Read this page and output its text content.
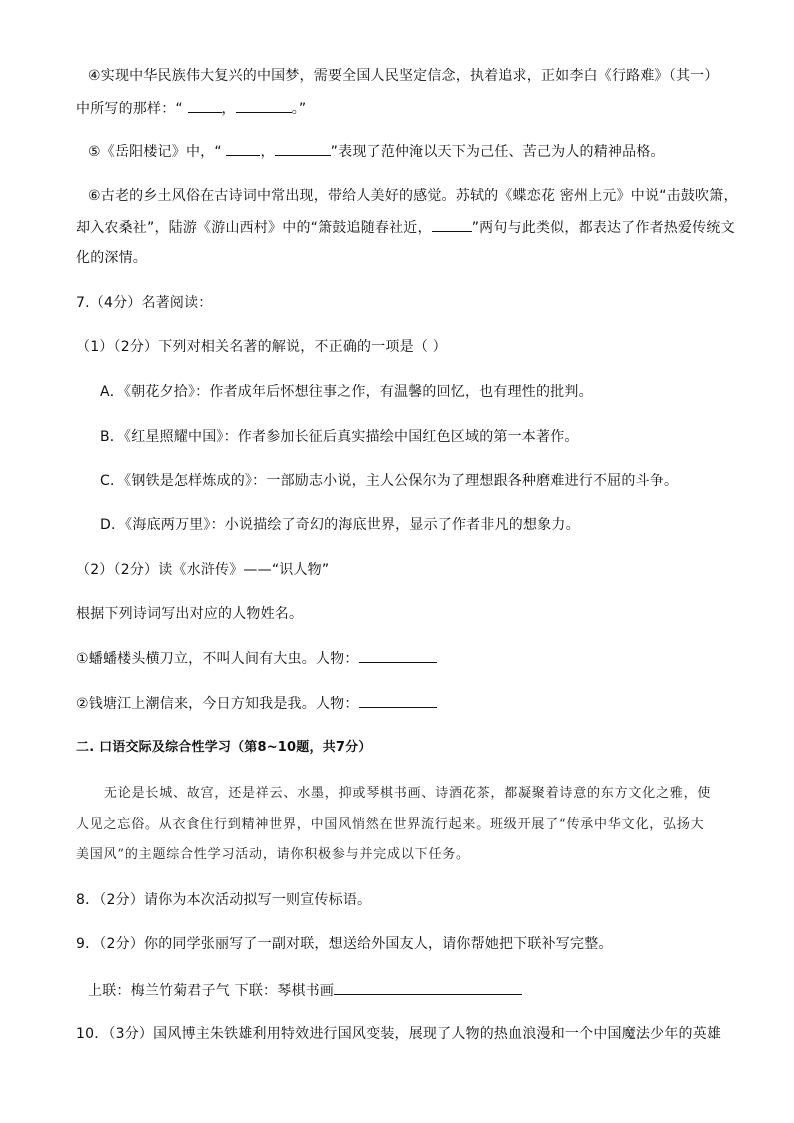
④实现中华民族伟大复兴的中国梦，需要全国人民坚定信念，执着追求，正如李白《行路难》（其一）
中所写的那样：“ ，	。”
⑤《岳阳楼记》中，“ ，	”表现了范仲淹以天下为己任、苦己为人的精神品格。
⑥古老的乡土风俗在古诗词中常出现，带给人美好的感觉。苏轼的《蝶恋花 密州上元》中说“击鼓吹箫，
却入农桑社”，陆游《游山西村》中的“箫鼓追随春社近，	”两句与此类似，都表达了作者热爱传统文
化的深情。
7.（4分）名著阅读：
（1）（2分）下列对相关名著的解说，不正确的一项是（ ）
A．《朝花夕拾》：作者成年后怀想往事之作，有温馨的回忆，也有理性的批判。
B．《红星照耀中国》：作者参加长征后真实描绘中国红色区域的第一本著作。
C．《钢铁是怎样炼成的》：一部励志小说，主人公保尔为了理想跟各种磨难进行不屈的斗争。
D．《海底两万里》：小说描绘了奇幻的海底世界，显示了作者非凡的想象力。
（2）（2分）读《水浒传》——“识人物”
根据下列诗词写出对应的人物姓名。
①蟠蟠楼头横刀立，不叫人间有大虫。人物：
②钱塘江上潮信来，今日方知我是我。人物：
二. 口语交际及综合性学习（第8~10题，共7分）
无论是长城、故宫，还是祥云、水墨，抑或琴棋书画、诗酒花茶，都凝聚着诗意的东方文化之雅，使
人见之忘俗。从衣食住行到精神世界，中国风悄然在世界流行起来。班级开展了“传承中华文化，弘扬大
美国风”的主题综合性学习活动，请你积极参与并完成以下任务。
8．（2分）请你为本次活动拟写一则宣传标语。
9．（2分）你的同学张丽写了一副对联，想送给外国友人，请你帮她把下联补写完整。
上联：梅兰竹菊君子气 下联：琴棋书画
10．（3分）国风博主朱铁雄利用特效进行国风变装，展现了人物的热血浪漫和一个中国魔法少年的英雄
